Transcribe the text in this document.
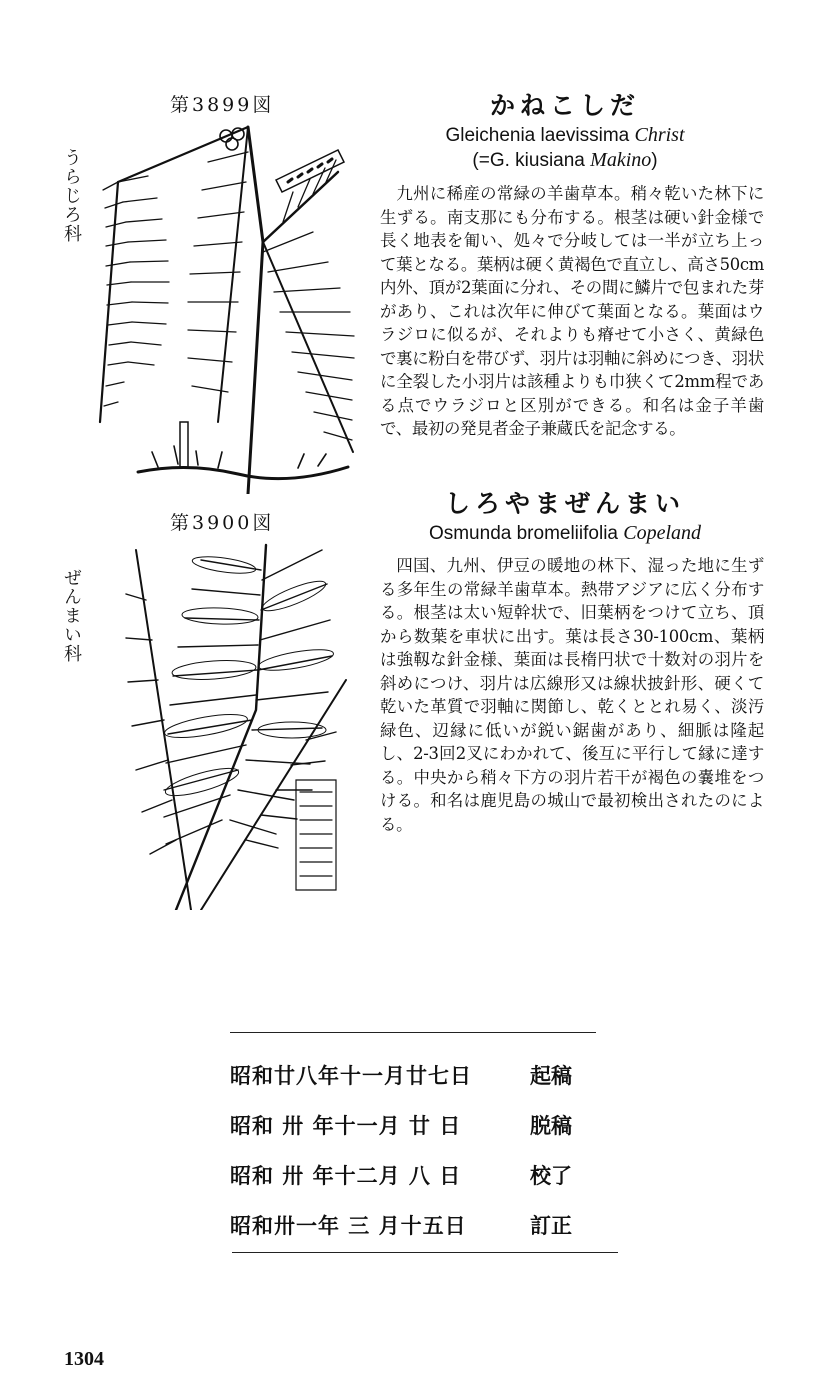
第3899図
うらじろ科
かねこしだ
Gleichenia laevissima Christ
(=G. kiusiana Makino)

九州に稀産の常緑の羊歯草本。稍々乾いた林下に生ずる。南支那にも分布する。根茎は硬い針金様で長く地表を匍い、処々で分岐しては一半が立ち上って葉となる。葉柄は硬く黄褐色で直立し、高さ50cm内外、頂が2葉面に分れ、その間に鱗片で包まれた芽があり、これは次年に伸びて葉面となる。葉面はウラジロに似るが、それよりも瘠せて小さく、黄緑色で裏に粉白を帯びず、羽片は羽軸に斜めにつき、羽状に全裂した小羽片は該種よりも巾狭くて2mm程である点でウラジロと区別ができる。和名は金子羊歯で、最初の発見者金子兼蔵氏を記念する。

第3900図
ぜんまい科
しろやまぜんまい
Osmunda bromeliifolia Copeland

四国、九州、伊豆の暖地の林下、湿った地に生ずる多年生の常緑羊歯草本。熱帯アジアに広く分布する。根茎は太い短幹状で、旧葉柄をつけて立ち、頂から数葉を車状に出す。葉は長さ30-100cm、葉柄は強靱な針金様、葉面は長楕円状で十数対の羽片を斜めにつけ、羽片は広線形又は線状披針形、硬くて乾いた革質で羽軸に関節し、乾くととれ易く、淡汚緑色、辺縁に低いが鋭い鋸歯があり、細脈は隆起し、2-3回2叉にわかれて、後互に平行して縁に達する。中央から稍々下方の羽片若干が褐色の嚢堆をつける。和名は鹿児島の城山で最初検出されたのによる。

昭和廿八年十一月廿七日	起稿
昭和 卅 年十一月 廿 日	脱稿
昭和 卅 年十二月 八 日	校了
昭和卅一年 三 月十五日	訂正
1304
